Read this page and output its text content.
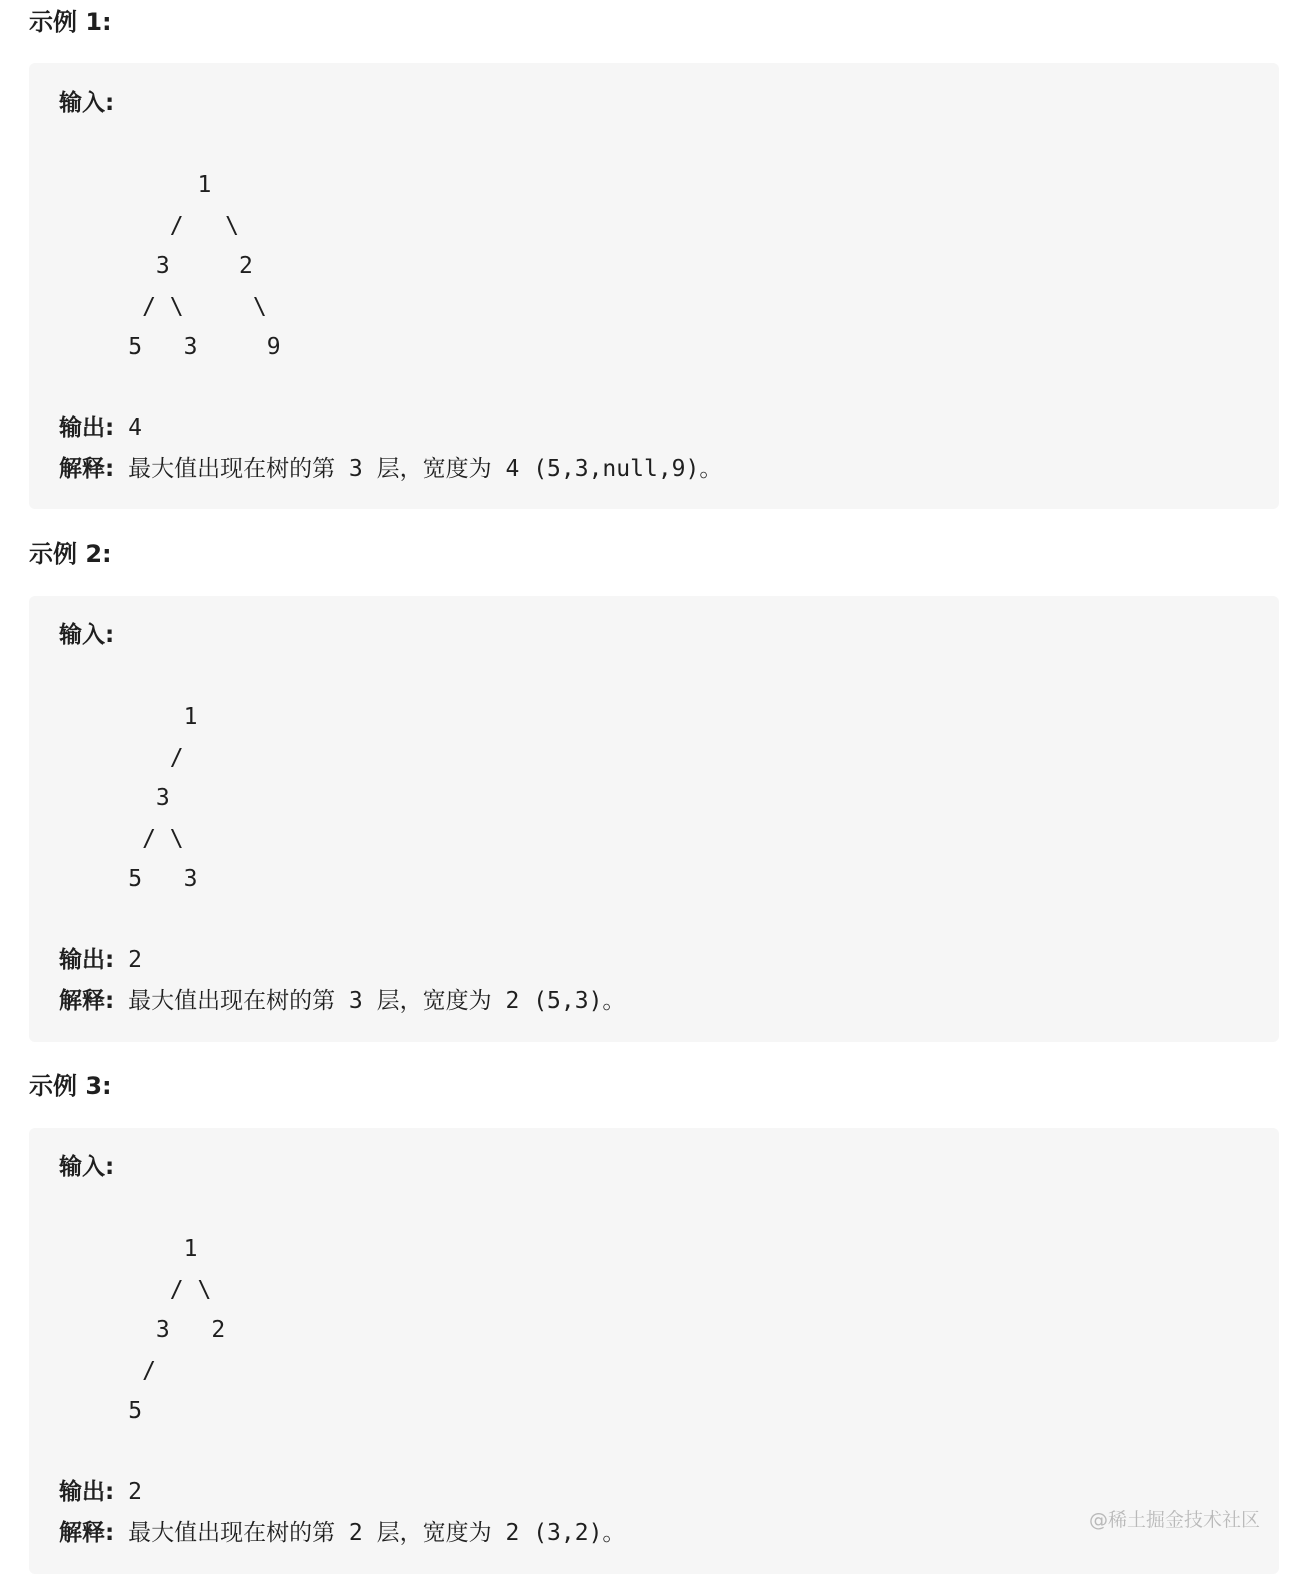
示例 1:

输入:

1

/   \

3     2

/ \     \

5   3     9

输出: 4

解释: 最大值出现在树的第 3 层，宽度为 4 (5,3,null,9)。

示例 2:

输入:

1

/

3

/ \

5   3

输出: 2

解释: 最大值出现在树的第 3 层，宽度为 2 (5,3)。

示例 3:

输入:

1

/ \

3   2

/

5

输出: 2

解释: 最大值出现在树的第 2 层，宽度为 2 (3,2)。	@稀土掘金技术社区
